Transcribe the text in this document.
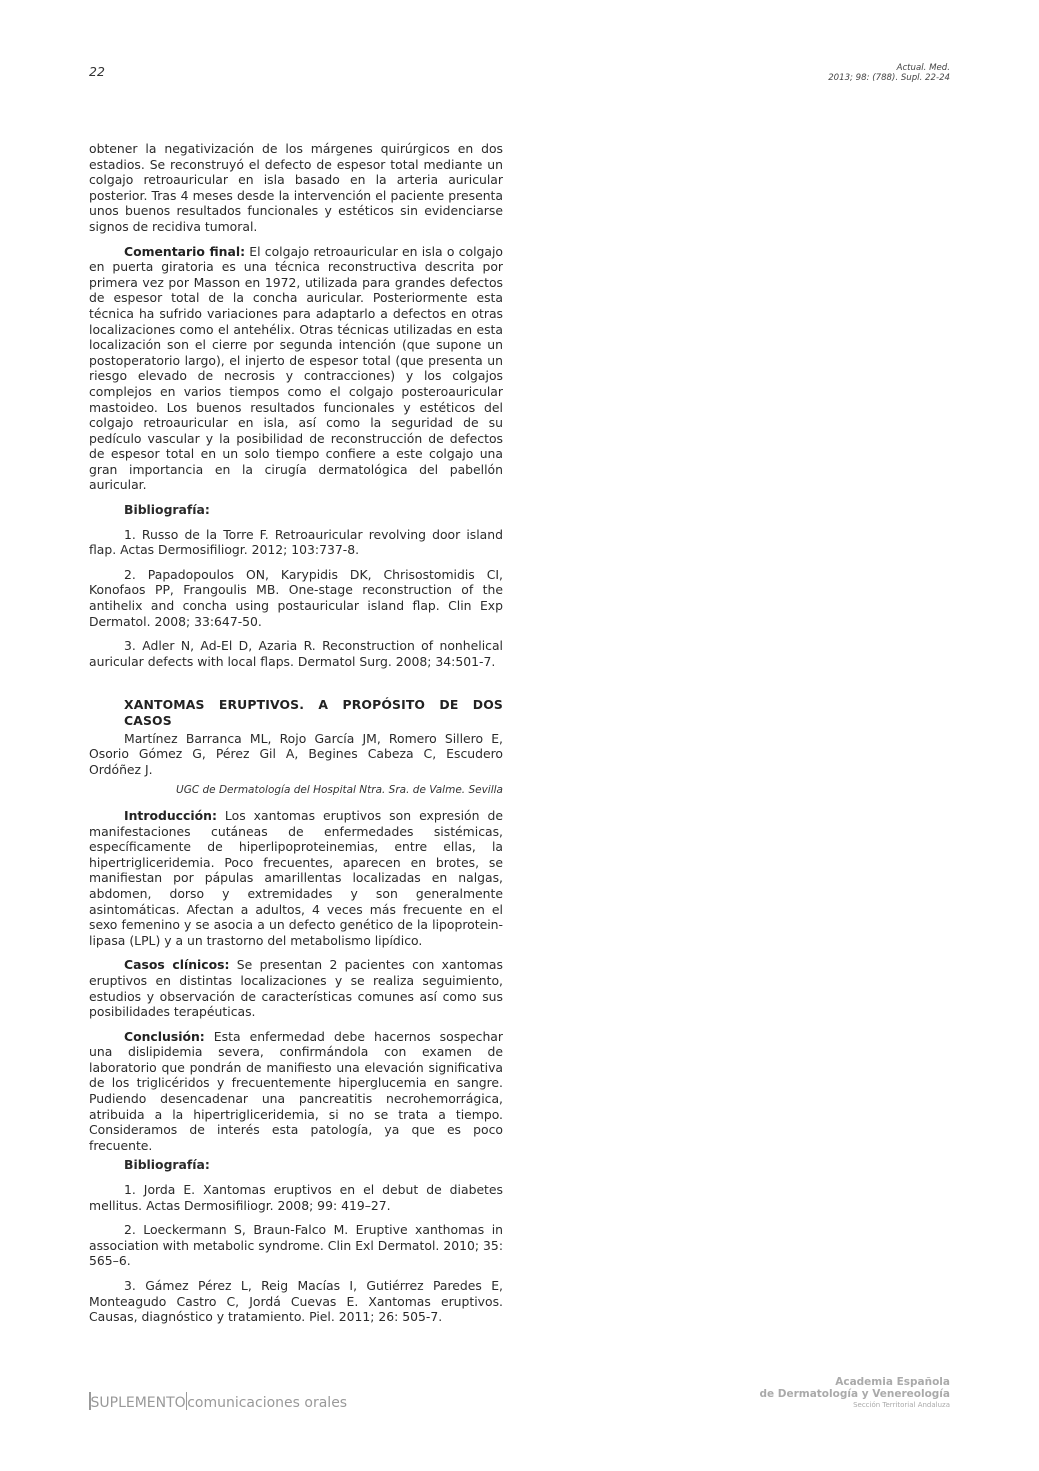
22	Actual. Med.
2013; 98: (788). Supl. 22-24

obtener la negativización de los márgenes quirúrgicos en dos estadios. Se reconstruyó el defecto de espesor total mediante un colgajo retroauricular en isla basado en la arteria auricular posterior. Tras 4 meses desde la intervención el paciente presenta unos buenos resultados funcionales y estéticos sin evidenciarse signos de recidiva tumoral.

Comentario final: El colgajo retroauricular en isla o colgajo en puerta giratoria es una técnica reconstructiva descrita por primera vez por Masson en 1972, utilizada para grandes defectos de espesor total de la concha auricular. Posteriormente esta técnica ha sufrido variaciones para adaptarlo a defectos en otras localizaciones como el antehélix. Otras técnicas utilizadas en esta localización son el cierre por segunda intención (que supone un postoperatorio largo), el injerto de espesor total (que presenta un riesgo elevado de necrosis y contracciones) y los colgajos complejos en varios tiempos como el colgajo posteroauricular mastoideo. Los buenos resultados funcionales y estéticos del colgajo retroauricular en isla, así como la seguridad de su pedículo vascular y la posibilidad de reconstrucción de defectos de espesor total en un solo tiempo confiere a este colgajo una gran importancia en la cirugía dermatológica del pabellón auricular.

Bibliografía:

1. Russo de la Torre F. Retroauricular revolving door island flap. Actas Dermosifiliogr. 2012; 103:737-8.

2. Papadopoulos ON, Karypidis DK, Chrisostomidis CI, Konofaos PP, Frangoulis MB. One-stage reconstruction of the antihelix and concha using postauricular island flap. Clin Exp Dermatol. 2008; 33:647-50.

3. Adler N, Ad-El D, Azaria R. Reconstruction of nonhelical auricular defects with local flaps. Dermatol Surg. 2008; 34:501-7.

XANTOMAS ERUPTIVOS. A PROPÓSITO DE DOS CASOS

Martínez Barranca ML, Rojo García JM, Romero Sillero E, Osorio Gómez G, Pérez Gil A, Begines Cabeza C, Escudero Ordóñez J.

UGC de Dermatología del Hospital Ntra. Sra. de Valme. Sevilla

Introducción: Los xantomas eruptivos son expresión de manifestaciones cutáneas de enfermedades sistémicas, específicamente de hiperlipoproteinemias, entre ellas, la hipertrigliceridemia. Poco frecuentes, aparecen en brotes, se manifiestan por pápulas amarillentas localizadas en nalgas, abdomen, dorso y extremidades y son generalmente asintomáticas. Afectan a adultos, 4 veces más frecuente en el sexo femenino y se asocia a un defecto genético de la lipoprotein-lipasa (LPL) y a un trastorno del metabolismo lipídico.

Casos clínicos: Se presentan 2 pacientes con xantomas eruptivos en distintas localizaciones y se realiza seguimiento, estudios y observación de características comunes así como sus posibilidades terapéuticas.

Conclusión: Esta enfermedad debe hacernos sospechar una dislipidemia severa, confirmándola con examen de laboratorio que pondrán de manifiesto una elevación significativa de los triglicéridos y frecuentemente hiperglucemia en sangre. Pudiendo desencadenar una pancreatitis necrohemorrágica, atribuida a la hipertrigliceridemia, si no se trata a tiempo. Consideramos de interés esta patología, ya que es poco frecuente.

Bibliografía:

1. Jorda E. Xantomas eruptivos en el debut de diabetes mellitus. Actas Dermosifiliogr. 2008; 99: 419–27.

2. Loeckermann S, Braun-Falco M. Eruptive xanthomas in association with metabolic syndrome. Clin Exl Dermatol. 2010; 35: 565–6.

3. Gámez Pérez L, Reig Macías I, Gutiérrez Paredes E, Monteagudo Castro C, Jordá Cuevas E. Xantomas eruptivos. Causas, diagnóstico y tratamiento. Piel. 2011; 26: 505-7.

SUPLEMENTO comunicaciones orales
Academia Española
de Dermatología y Venereología
Sección Territorial Andaluza
